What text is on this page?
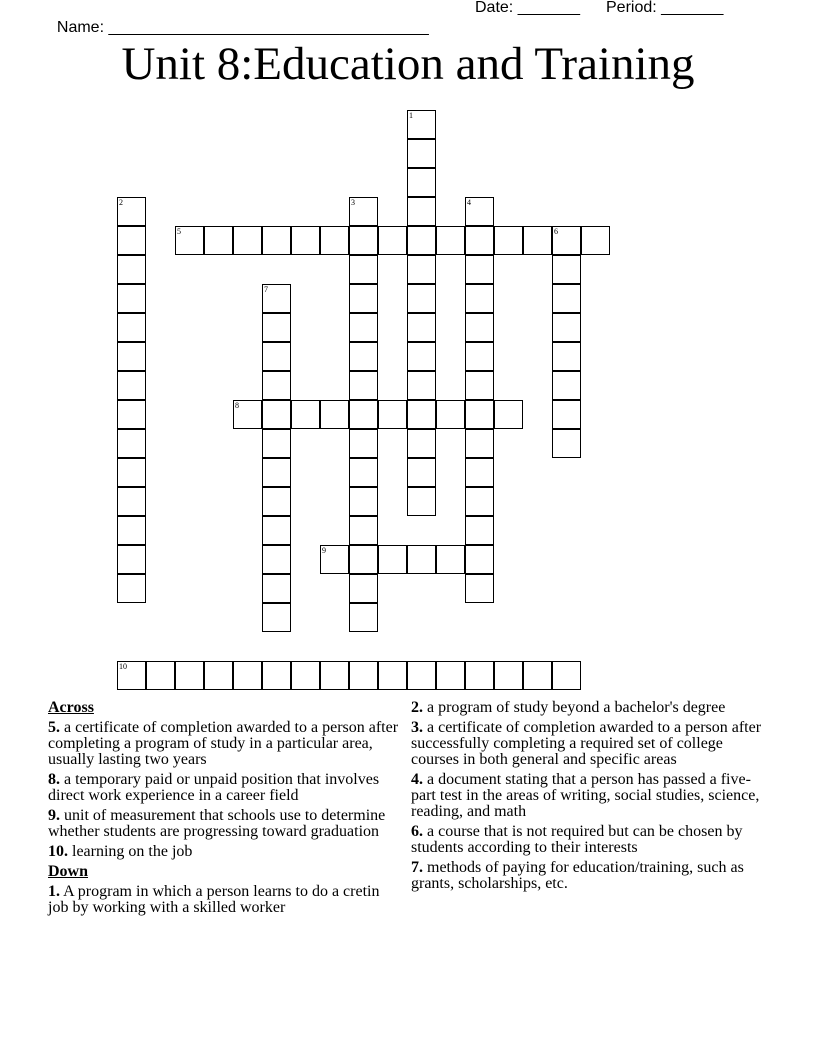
Name: ____________________________________

Date: _______

Period: _______

Unit 8:Education and Training
1
2	3	4
5	6
7
8
9
10
Across
5. a certificate of completion awarded to a person after completing a program of study in a particular area, usually lasting two years
8. a temporary paid or unpaid position that involves direct work experience in a career field
9. unit of measurement that schools use to determine whether students are progressing toward graduation
10. learning on the job
Down
1. A program in which a person learns to do a cretin job by working with a skilled worker
2. a program of study beyond a bachelor's degree
3. a certificate of completion awarded to a person after successfully completing a required set of college courses in both general and specific areas
4. a document stating that a person has passed a five-part test in the areas of writing, social studies, science, reading, and math
6. a course that is not required but can be chosen by students according to their interests
7. methods of paying for education/training, such as grants, scholarships, etc.
